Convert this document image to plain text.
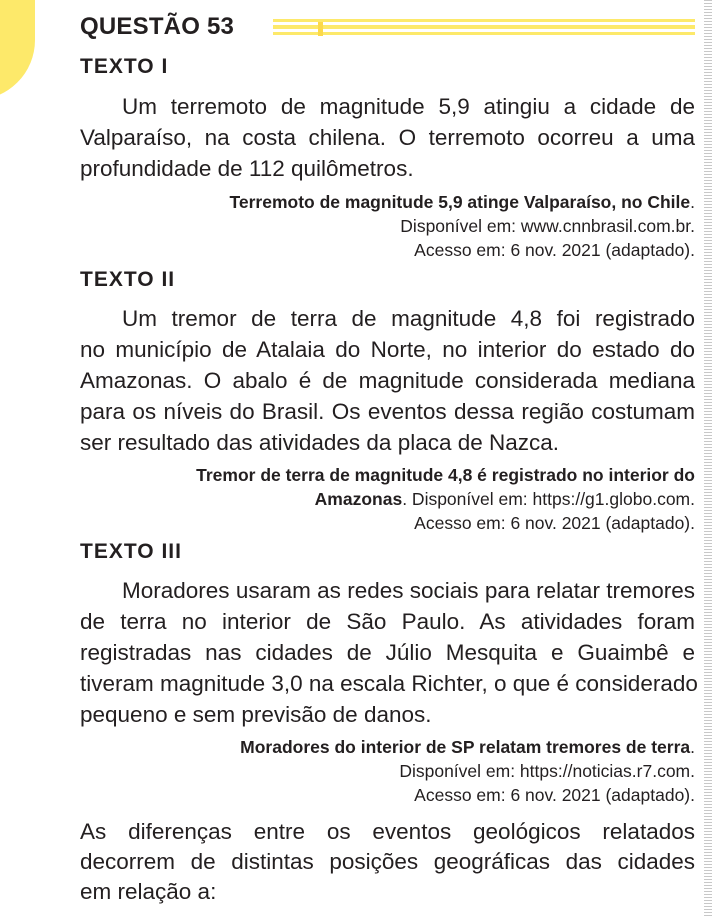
QUESTÃO 53
TEXTO I
Um terremoto de magnitude 5,9 atingiu a cidade de
Valparaíso, na costa chilena. O terremoto ocorreu a uma
profundidade de 112 quilômetros.
Terremoto de magnitude 5,9 atinge Valparaíso, no Chile.
Disponível em: www.cnnbrasil.com.br.
Acesso em: 6 nov. 2021 (adaptado).
TEXTO II
Um tremor de terra de magnitude 4,8 foi registrado
no município de Atalaia do Norte, no interior do estado do
Amazonas. O abalo é de magnitude considerada mediana
para os níveis do Brasil. Os eventos dessa região costumam
ser resultado das atividades da placa de Nazca.
Tremor de terra de magnitude 4,8 é registrado no interior do
Amazonas. Disponível em: https://g1.globo.com.
Acesso em: 6 nov. 2021 (adaptado).
TEXTO III
Moradores usaram as redes sociais para relatar tremores
de terra no interior de São Paulo. As atividades foram
registradas nas cidades de Júlio Mesquita e Guaimbê e
tiveram magnitude 3,0 na escala Richter, o que é considerado
pequeno e sem previsão de danos.
Moradores do interior de SP relatam tremores de terra.
Disponível em: https://noticias.r7.com.
Acesso em: 6 nov. 2021 (adaptado).
As diferenças entre os eventos geológicos relatados
decorrem de distintas posições geográficas das cidades
em relação a:
